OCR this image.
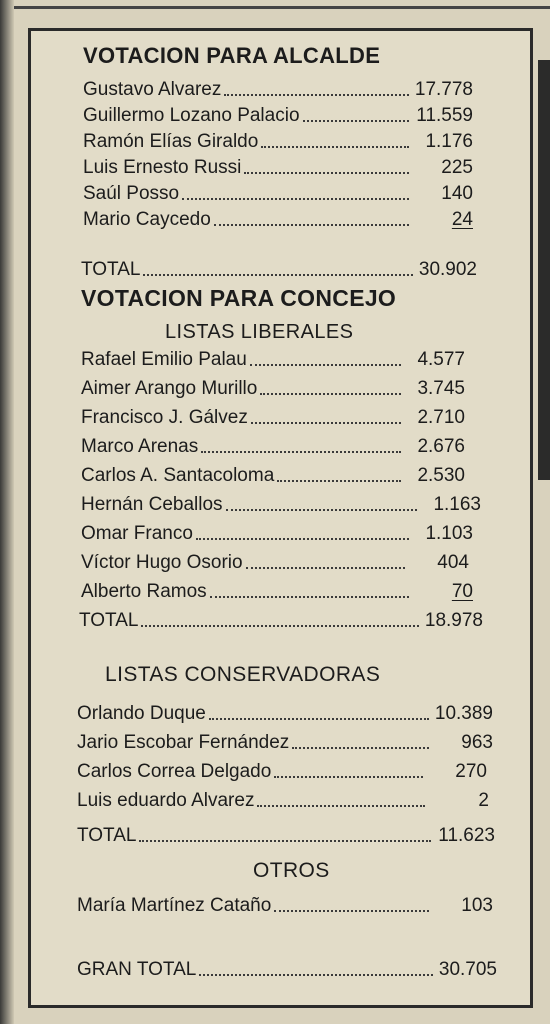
VOTACION PARA ALCALDE
Gustavo Alvarez	17.778
Guillermo Lozano Palacio	11.559
Ramón Elías Giraldo	1.176
Luis Ernesto Russi	225
Saúl Posso	140
Mario Caycedo	24
TOTAL	30.902
VOTACION PARA CONCEJO
LISTAS LIBERALES
Rafael Emilio Palau	4.577
Aimer Arango Murillo	3.745
Francisco J. Gálvez	2.710
Marco Arenas	2.676
Carlos A. Santacoloma	2.530
Hernán Ceballos	1.163
Omar Franco	1.103
Víctor Hugo Osorio	404
Alberto Ramos	70
TOTAL	18.978
LISTAS CONSERVADORAS
Orlando Duque	10.389
Jario Escobar Fernández	963
Carlos Correa Delgado	270
Luis eduardo Alvarez	2
TOTAL	11.623
OTROS
María Martínez Cataño	103
GRAN TOTAL	30.705
